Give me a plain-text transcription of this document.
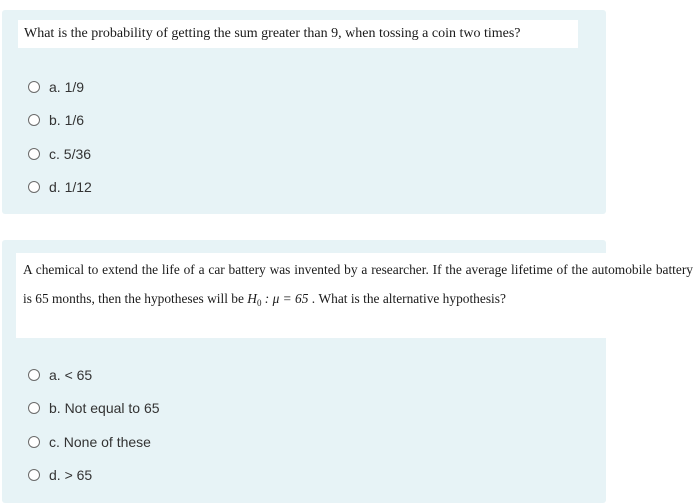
What is the probability of getting the sum greater than 9, when tossing a coin two times?
a. 1/9
b. 1/6
c. 5/36
d. 1/12
A chemical to extend the life of a car battery was invented by a researcher. If the average lifetime of the automobile battery is 65 months, then the hypotheses will be $H_0$ : μ = 65 . What is the alternative hypothesis?
a. < 65
b. Not equal to 65
c. None of these
d. > 65
